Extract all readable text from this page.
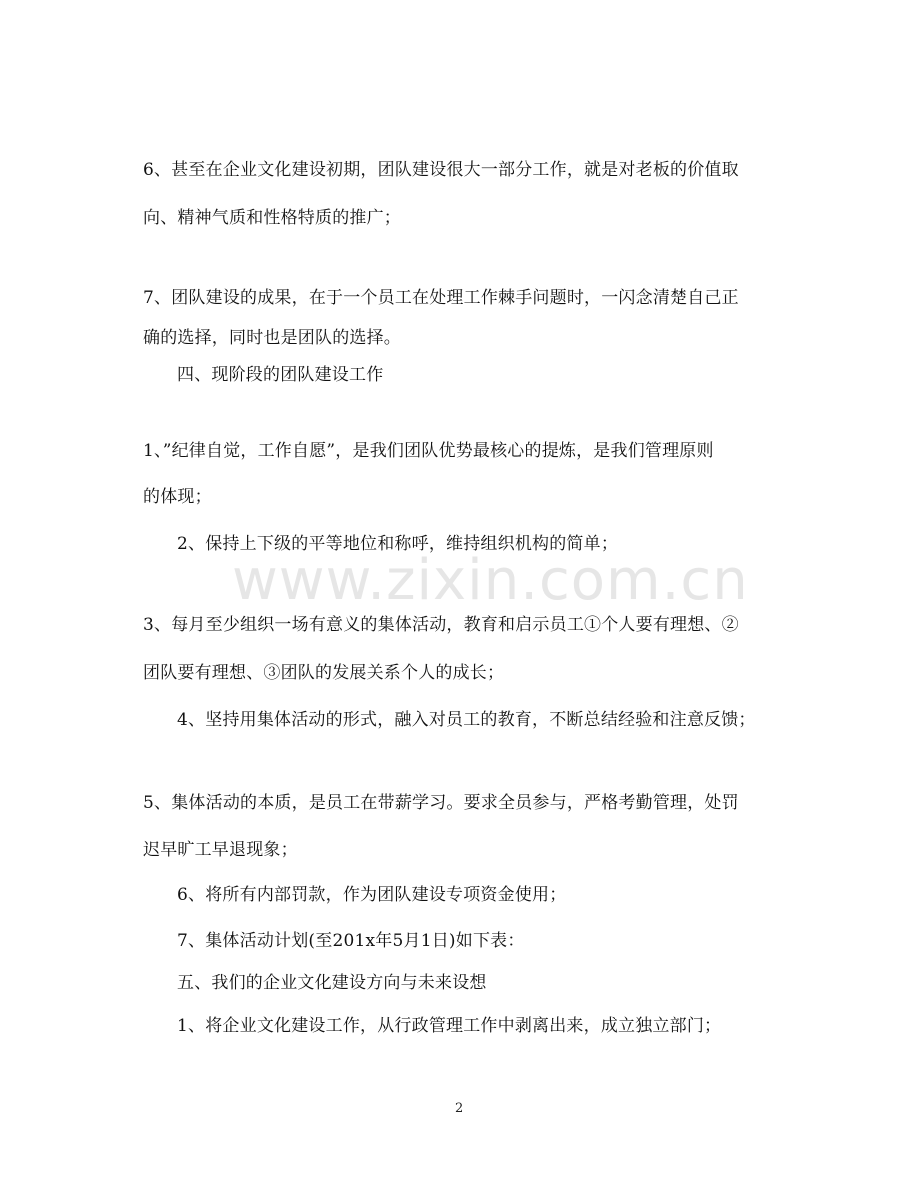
www.zixin.com.cn
6、甚至在企业文化建设初期，团队建设很大一部分工作，就是对老板的价值取
向、精神气质和性格特质的推广；
7、团队建设的成果，在于一个员工在处理工作棘手问题时，一闪念清楚自己正
确的选择，同时也是团队的选择。
四、现阶段的团队建设工作
1、”纪律自觉，工作自愿”，是我们团队优势最核心的提炼，是我们管理原则
的体现；
2、保持上下级的平等地位和称呼，维持组织机构的简单；
3、每月至少组织一场有意义的集体活动，教育和启示员工①个人要有理想、②
团队要有理想、③团队的发展关系个人的成长；
4、坚持用集体活动的形式，融入对员工的教育，不断总结经验和注意反馈；
5、集体活动的本质，是员工在带薪学习。要求全员参与，严格考勤管理，处罚
迟早旷工早退现象；
6、将所有内部罚款，作为团队建设专项资金使用；
7、集体活动计划(至201x年5月1日)如下表：
五、我们的企业文化建设方向与未来设想
1、将企业文化建设工作，从行政管理工作中剥离出来，成立独立部门；
2
